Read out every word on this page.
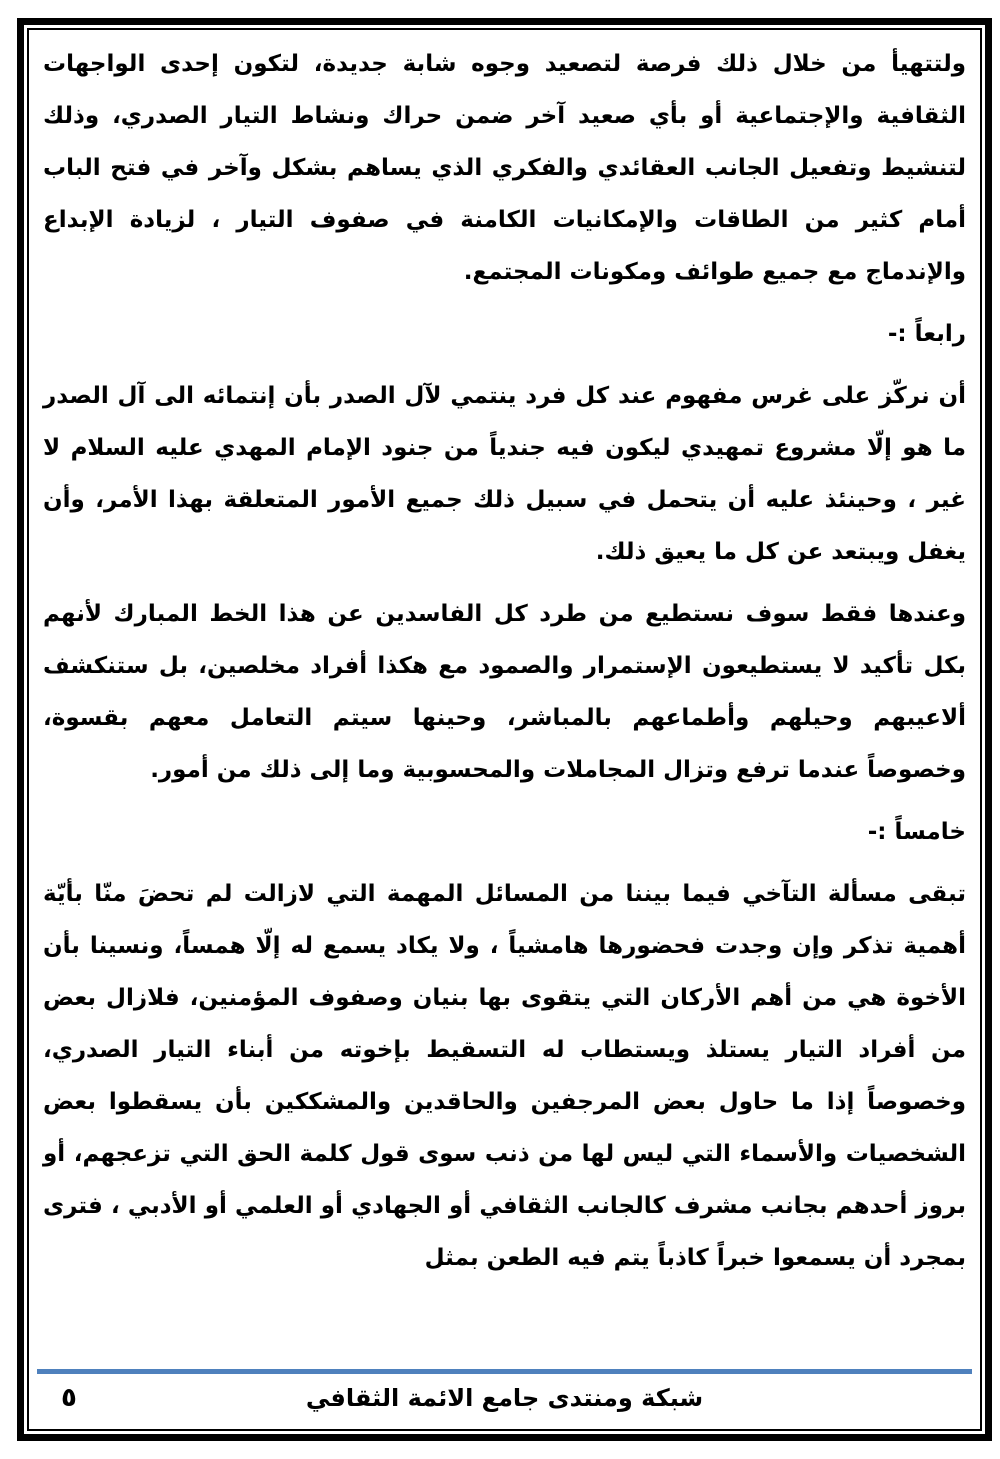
ولتتهيأ من خلال ذلك فرصة لتصعيد وجوه شابة جديدة، لتكون إحدى الواجهات الثقافية والإجتماعية أو بأي صعيد آخر ضمن حراك ونشاط التيار الصدري، وذلك لتنشيط وتفعيل الجانب العقائدي والفكري الذي يساهم بشكل وآخر في فتح الباب أمام كثير من الطاقات والإمكانيات الكامنة في صفوف التيار ، لزيادة الإبداع والإندماج مع جميع طوائف ومكونات المجتمع.

رابعاً :-

أن نركّز على غرس مفهوم عند كل فرد ينتمي لآل الصدر بأن إنتمائه الى آل الصدر ما هو إلّا مشروع تمهيدي ليكون فيه جندياً من جنود الإمام المهدي عليه السلام لا غير ، وحينئذ عليه أن يتحمل في سبيل ذلك جميع الأمور المتعلقة بهذا الأمر، وأن يغفل ويبتعد عن كل ما يعيق ذلك.

وعندها فقط سوف نستطيع من طرد كل الفاسدين عن هذا الخط المبارك لأنهم بكل تأكيد لا يستطيعون الإستمرار والصمود مع هكذا أفراد مخلصين، بل ستنكشف ألاعيبهم وحيلهم وأطماعهم بالمباشر، وحينها سيتم التعامل معهم بقسوة، وخصوصاً عندما ترفع وتزال المجاملات والمحسوبية وما إلى ذلك من أمور.

خامساً :-

تبقى مسألة التآخي فيما بيننا من المسائل المهمة التي لازالت لم تحضَ منّا بأيّة أهمية تذكر وإن وجدت فحضورها هامشياً ، ولا يكاد يسمع له إلّا همساً، ونسينا بأن الأخوة هي من أهم الأركان التي يتقوى بها بنيان وصفوف المؤمنين، فلازال بعض من أفراد التيار يستلذ ويستطاب له التسقيط بإخوته من أبناء التيار الصدري، وخصوصاً إذا ما حاول بعض المرجفين والحاقدين والمشككين بأن يسقطوا بعض الشخصيات والأسماء التي ليس لها من ذنب سوى قول كلمة الحق التي تزعجهم، أو بروز أحدهم بجانب مشرف كالجانب الثقافي أو الجهادي أو العلمي أو الأدبي ، فترى بمجرد أن يسمعوا خبراً كاذباً يتم فيه الطعن بمثل

شبكة ومنتدى جامع الائمة الثقافي
٥
